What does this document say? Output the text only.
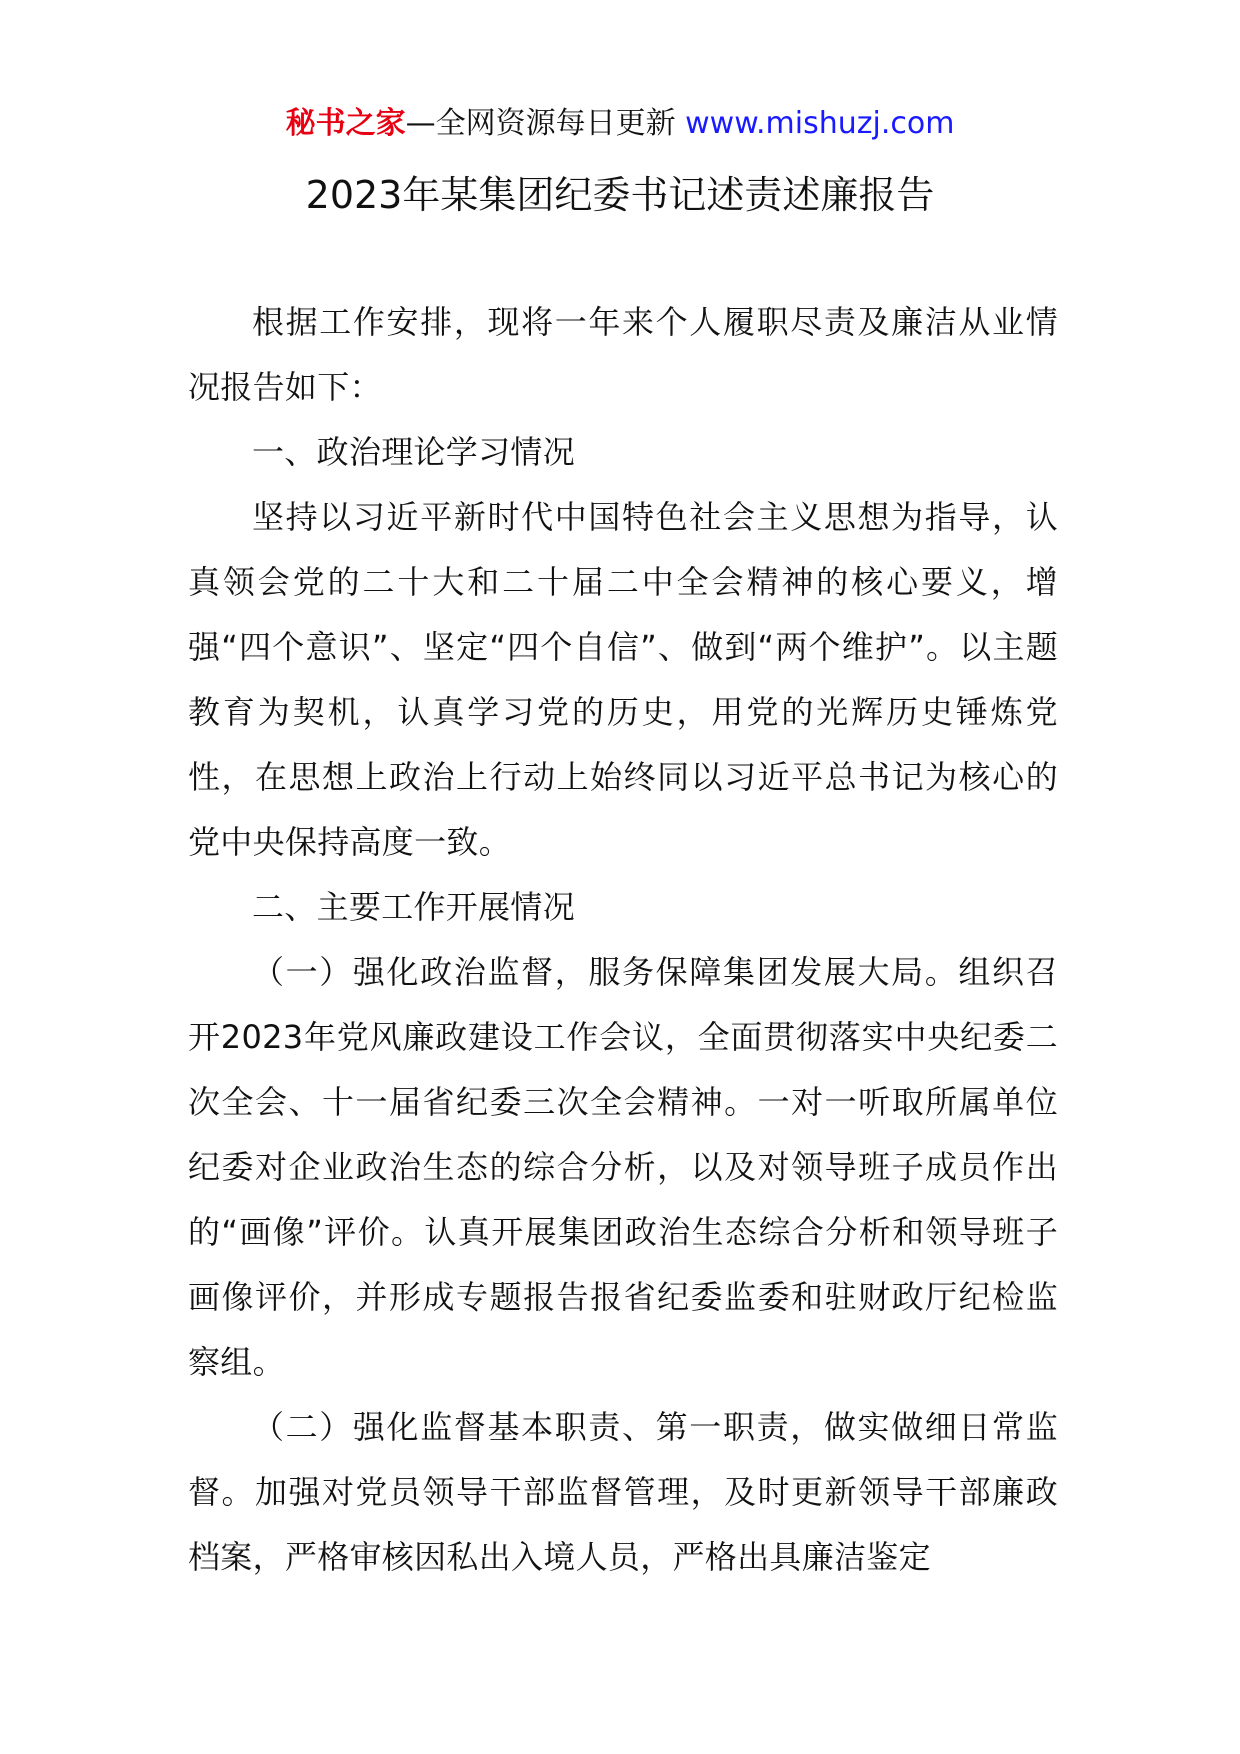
秘书之家—全网资源每日更新 www.mishuzj.com
2023年某集团纪委书记述责述廉报告

根据工作安排，现将一年来个人履职尽责及廉洁从业情况报告如下：

一、政治理论学习情况

坚持以习近平新时代中国特色社会主义思想为指导，认真领会党的二十大和二十届二中全会精神的核心要义，增强“四个意识”、坚定“四个自信”、做到“两个维护”。以主题教育为契机，认真学习党的历史，用党的光辉历史锤炼党性，在思想上政治上行动上始终同以习近平总书记为核心的党中央保持高度一致。

二、主要工作开展情况

（一）强化政治监督，服务保障集团发展大局。组织召开2023年党风廉政建设工作会议，全面贯彻落实中央纪委二次全会、十一届省纪委三次全会精神。一对一听取所属单位纪委对企业政治生态的综合分析，以及对领导班子成员作出的“画像”评价。认真开展集团政治生态综合分析和领导班子画像评价，并形成专题报告报省纪委监委和驻财政厅纪检监察组。

（二）强化监督基本职责、第一职责，做实做细日常监督。加强对党员领导干部监督管理，及时更新领导干部廉政档案，严格审核因私出入境人员，严格出具廉洁鉴定
